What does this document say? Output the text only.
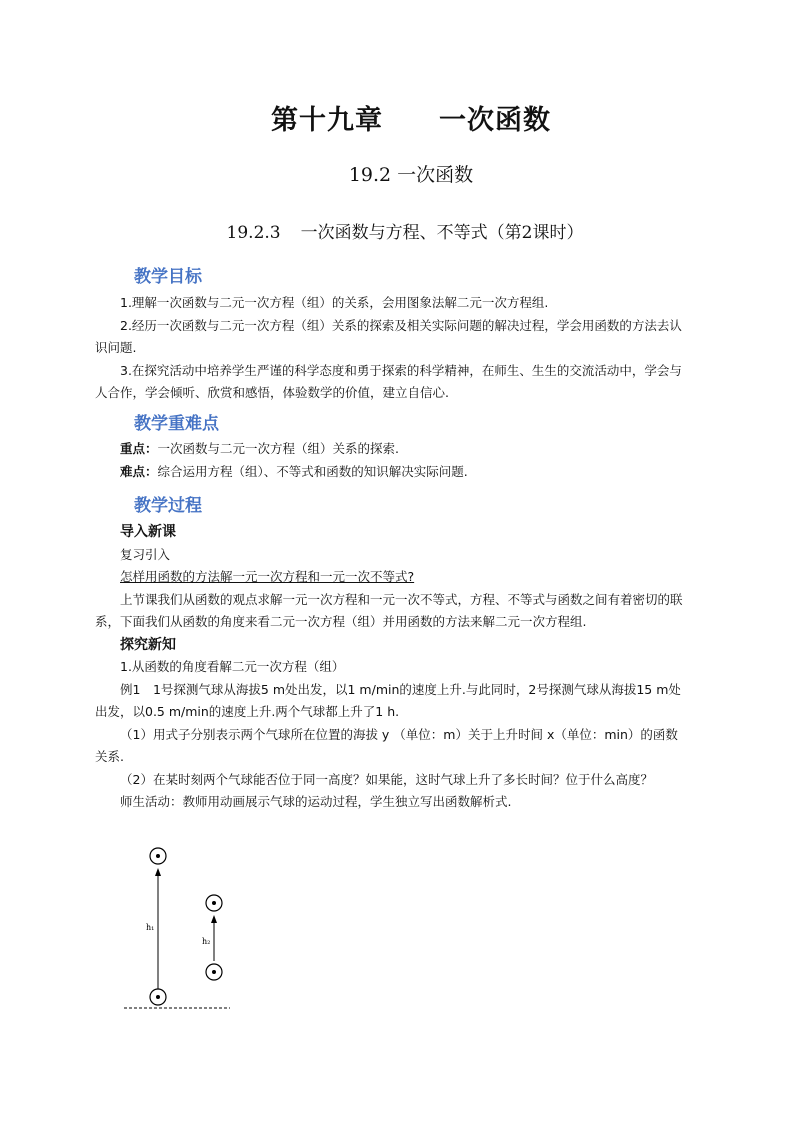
第十九章 一次函数
19.2 一次函数
19.2.3 一次函数与方程、不等式（第2课时）
教学目标

1.理解一次函数与二元一次方程（组）的关系，会用图象法解二元一次方程组.

2.经历一次函数与二元一次方程（组）关系的探索及相关实际问题的解决过程，学会用函数的方法去认识问题.

3.在探究活动中培养学生严谨的科学态度和勇于探索的科学精神，在师生、生生的交流活动中，学会与人合作，学会倾听、欣赏和感悟，体验数学的价值，建立自信心.

教学重难点

重点：一次函数与二元一次方程（组）关系的探索.

难点：综合运用方程（组）、不等式和函数的知识解决实际问题.

教学过程

导入新课

复习引入

怎样用函数的方法解一元一次方程和一元一次不等式?

上节课我们从函数的观点求解一元一次方程和一元一次不等式，方程、不等式与函数之间有着密切的联系，下面我们从函数的角度来看二元一次方程（组）并用函数的方法来解二元一次方程组.

探究新知

1.从函数的角度看解二元一次方程（组）

例1　1号探测气球从海拔5 m处出发，以1 m/min的速度上升.与此同时，2号探测气球从海拔15 m处出发，以0.5 m/min的速度上升.两个气球都上升了1 h.

（1）用式子分别表示两个气球所在位置的海拔 y （单位：m）关于上升时间 x（单位：min）的函数关系.

（2）在某时刻两个气球能否位于同一高度？如果能，这时气球上升了多长时间？位于什么高度？

师生活动：教师用动画展示气球的运动过程，学生独立写出函数解析式.

h₁
h₂
